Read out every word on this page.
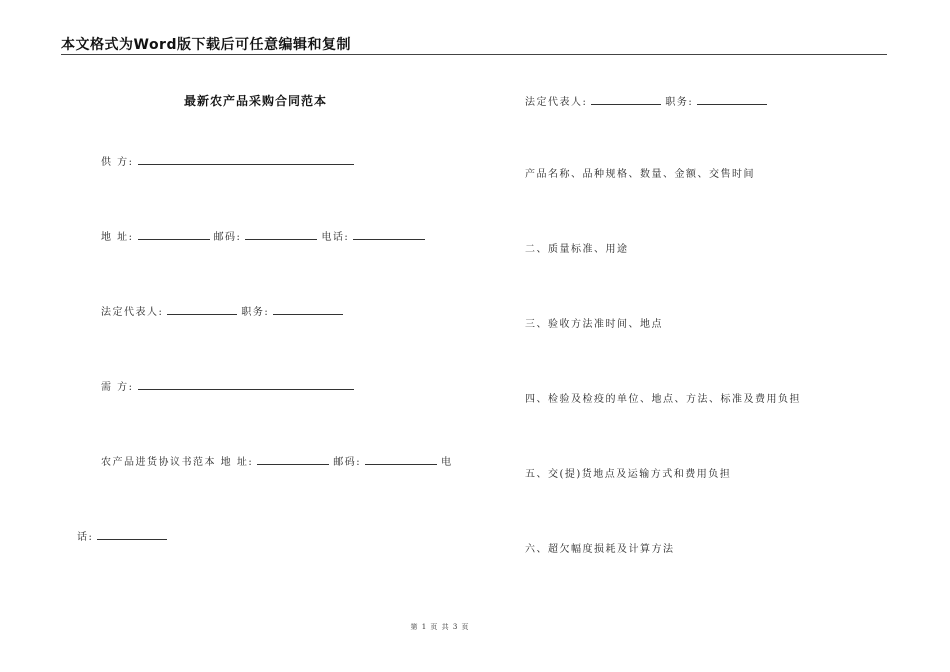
本文格式为Word版下载后可任意编辑和复制
最新农产品采购合同范本
供 方:
地 址:	邮码:	电话:
法定代表人:	职务:
需 方:
农产品进货协议书范本 地 址:	邮码:	电
话:
法定代表人:	职务:
产品名称、品种规格、数量、金额、交售时间
二、质量标准、用途
三、验收方法准时间、地点
四、检验及检疫的单位、地点、方法、标准及费用负担
五、交(提)货地点及运输方式和费用负担
六、超欠幅度损耗及计算方法
第 1 页 共 3 页
